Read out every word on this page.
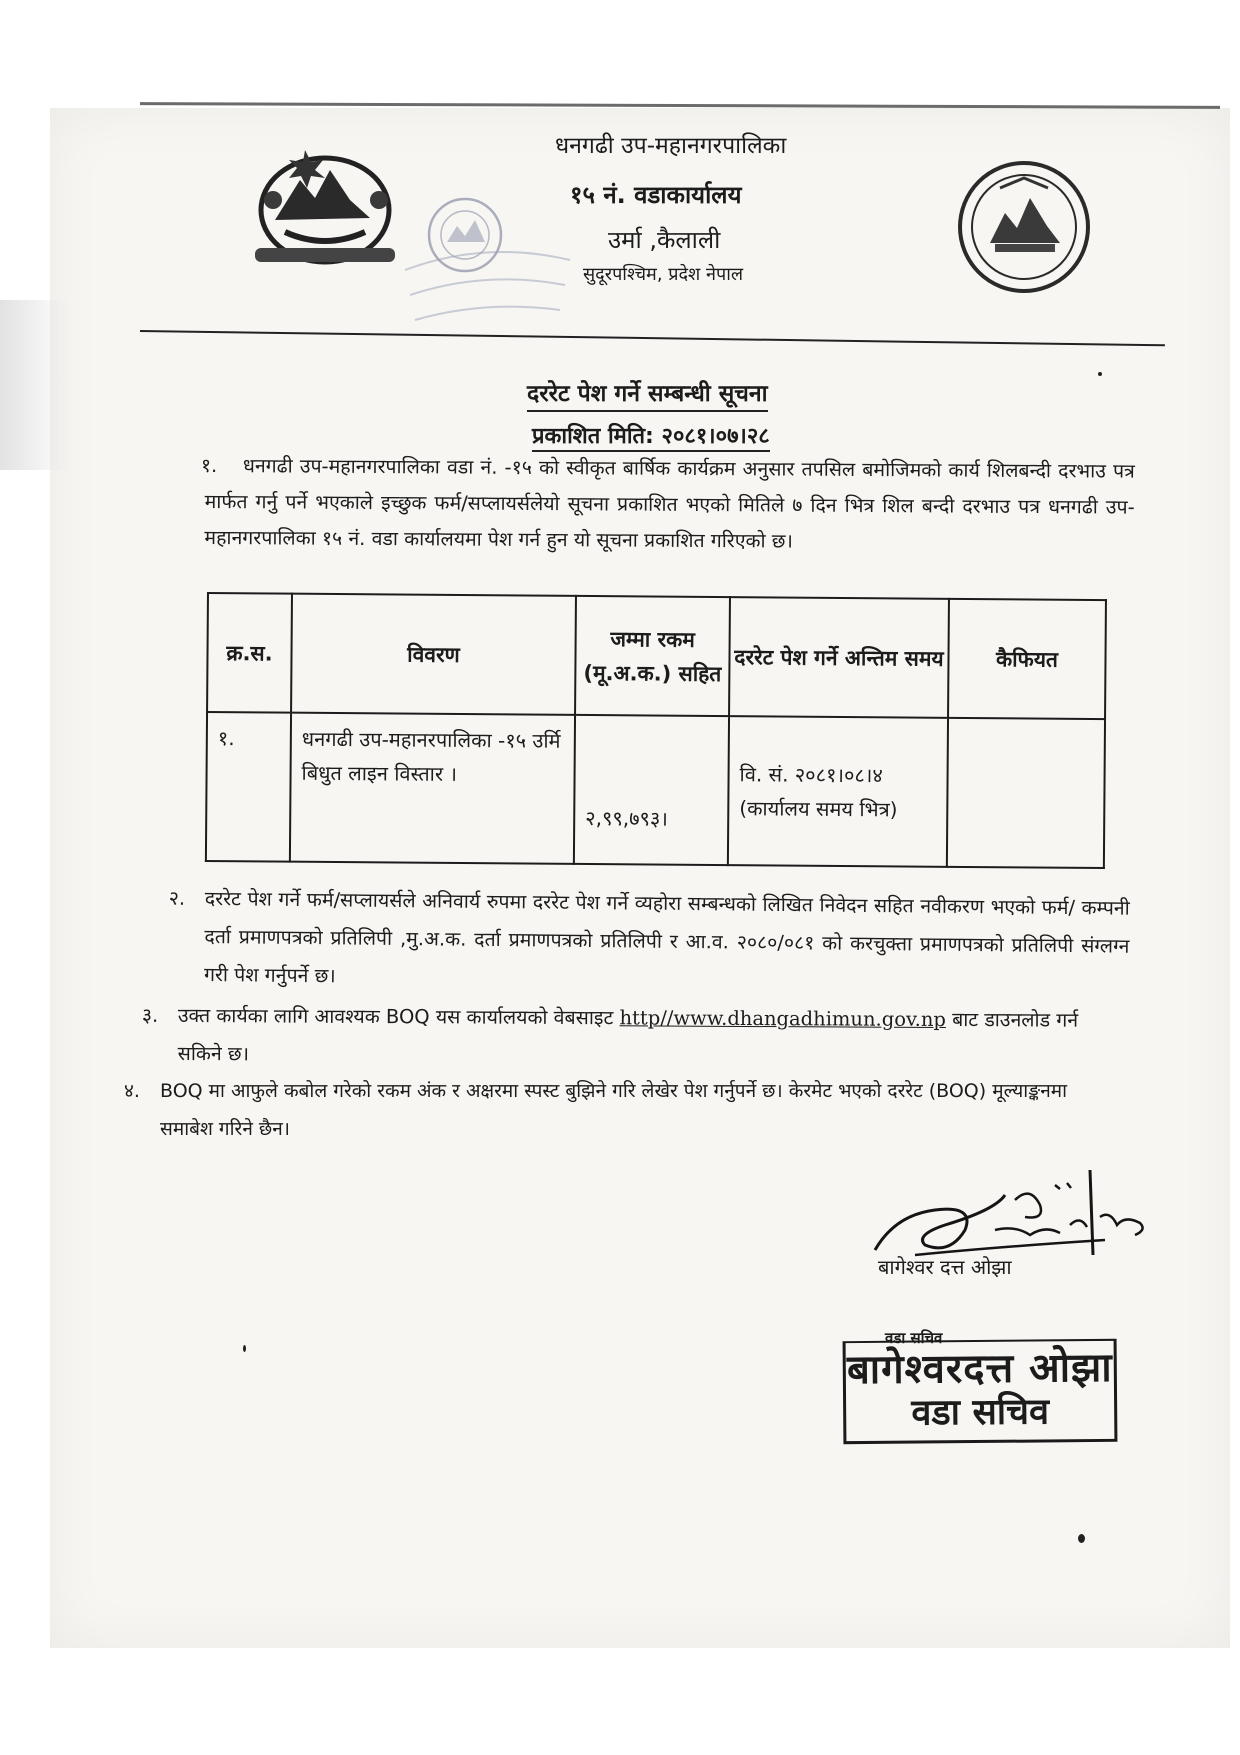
धनगढी उप-महानगरपालिका
१५ नं. वडाकार्यालय
उर्मा ,कैलाली
सुदूरपश्चिम, प्रदेश नेपाल
दररेट पेश गर्ने सम्बन्धी सूचना
प्रकाशित मिति: २०८१।०७।२८
१.	धनगढी उप-महानगरपालिका वडा नं. -१५ को स्वीकृत बार्षिक कार्यक्रम अनुसार तपसिल बमोजिमको कार्य शिलबन्दी दरभाउ पत्र मार्फत गर्नु पर्ने भएकाले इच्छुक फर्म/सप्लायर्सलेयो सूचना प्रकाशित भएको मितिले ७ दिन भित्र शिल बन्दी दरभाउ पत्र धनगढी उप-महानगरपालिका १५ नं. वडा कार्यालयमा पेश गर्न हुन यो सूचना प्रकाशित गरिएको छ।
क्र.स.	विवरण	जम्मा रकम (मू.अ.क.) सहित	दररेट पेश गर्ने अन्तिम समय	कैफियत
१.	धनगढी उप-महानरपालिका -१५ उर्मि बिधुत लाइन विस्तार ।	२,९९,७९३।	वि. सं. २०८१।०८।४
(कार्यालय समय भित्र)	

२. दररेट पेश गर्ने फर्म/सप्लायर्सले अनिवार्य रुपमा दररेट पेश गर्ने व्यहोरा सम्बन्धको लिखित निवेदन सहित नवीकरण भएको फर्म/ कम्पनी दर्ता प्रमाणपत्रको प्रतिलिपी ,मु.अ.क. दर्ता प्रमाणपत्रको प्रतिलिपी र आ.व. २०८०/०८१ को करचुक्ता प्रमाणपत्रको प्रतिलिपी संग्लग्न गरी पेश गर्नुपर्ने छ।
३. उक्त कार्यका लागि आवश्यक BOQ यस कार्यालयको वेबसाइट http//www.dhangadhimun.gov.np बाट डाउनलोड गर्न सकिने छ।
४. BOQ मा आफुले कबोल गरेको रकम अंक र अक्षरमा स्पस्ट बुझिने गरि लेखेर पेश गर्नुपर्ने छ। केरमेट भएको दररेट (BOQ) मूल्याङ्कनमा समाबेश गरिने छैन।
बागेश्वर दत्त ओझा
वडा सचिव
बागेश्वरदत्त ओझा
वडा सचिव
